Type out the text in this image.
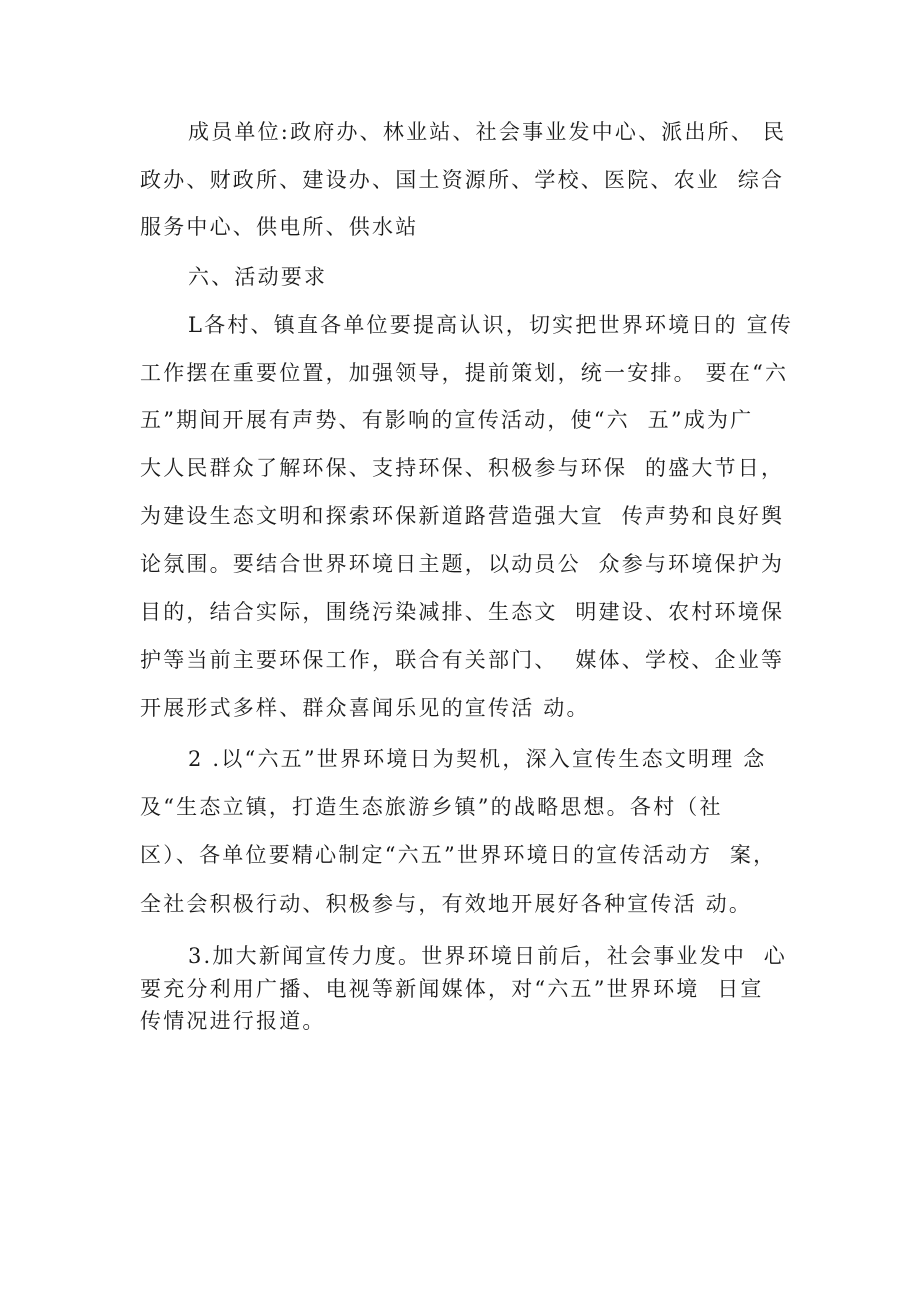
成员单位:政府办、林业站、社会事业发中心、派出所、 民
政办、财政所、建设办、国土资源所、学校、医院、农业  综合
服务中心、供电所、供水站
六、活动要求
L各村、镇直各单位要提高认识，切实把世界环境日的 宣传
工作摆在重要位置，加强领导，提前策划，统一安排。 要在“六
五”期间开展有声势、有影响的宣传活动，使“六  五”成为广
大人民群众了解环保、支持环保、积极参与环保  的盛大节日，
为建设生态文明和探索环保新道路营造强大宣  传声势和良好舆
论氛围。要结合世界环境日主题，以动员公  众参与环境保护为
目的，结合实际，围绕污染减排、生态文  明建设、农村环境保
护等当前主要环保工作，联合有关部门、  媒体、学校、企业等
开展形式多样、群众喜闻乐见的宣传活 动。
2 .以“六五”世界环境日为契机，深入宣传生态文明理 念
及“生态立镇，打造生态旅游乡镇”的战略思想。各村（社
区）、各单位要精心制定“六五”世界环境日的宣传活动方  案，
全社会积极行动、积极参与，有效地开展好各种宣传活 动。
3.加大新闻宣传力度。世界环境日前后，社会事业发中  心
要充分利用广播、电视等新闻媒体，对“六五”世界环境  日宣
传情况进行报道。
